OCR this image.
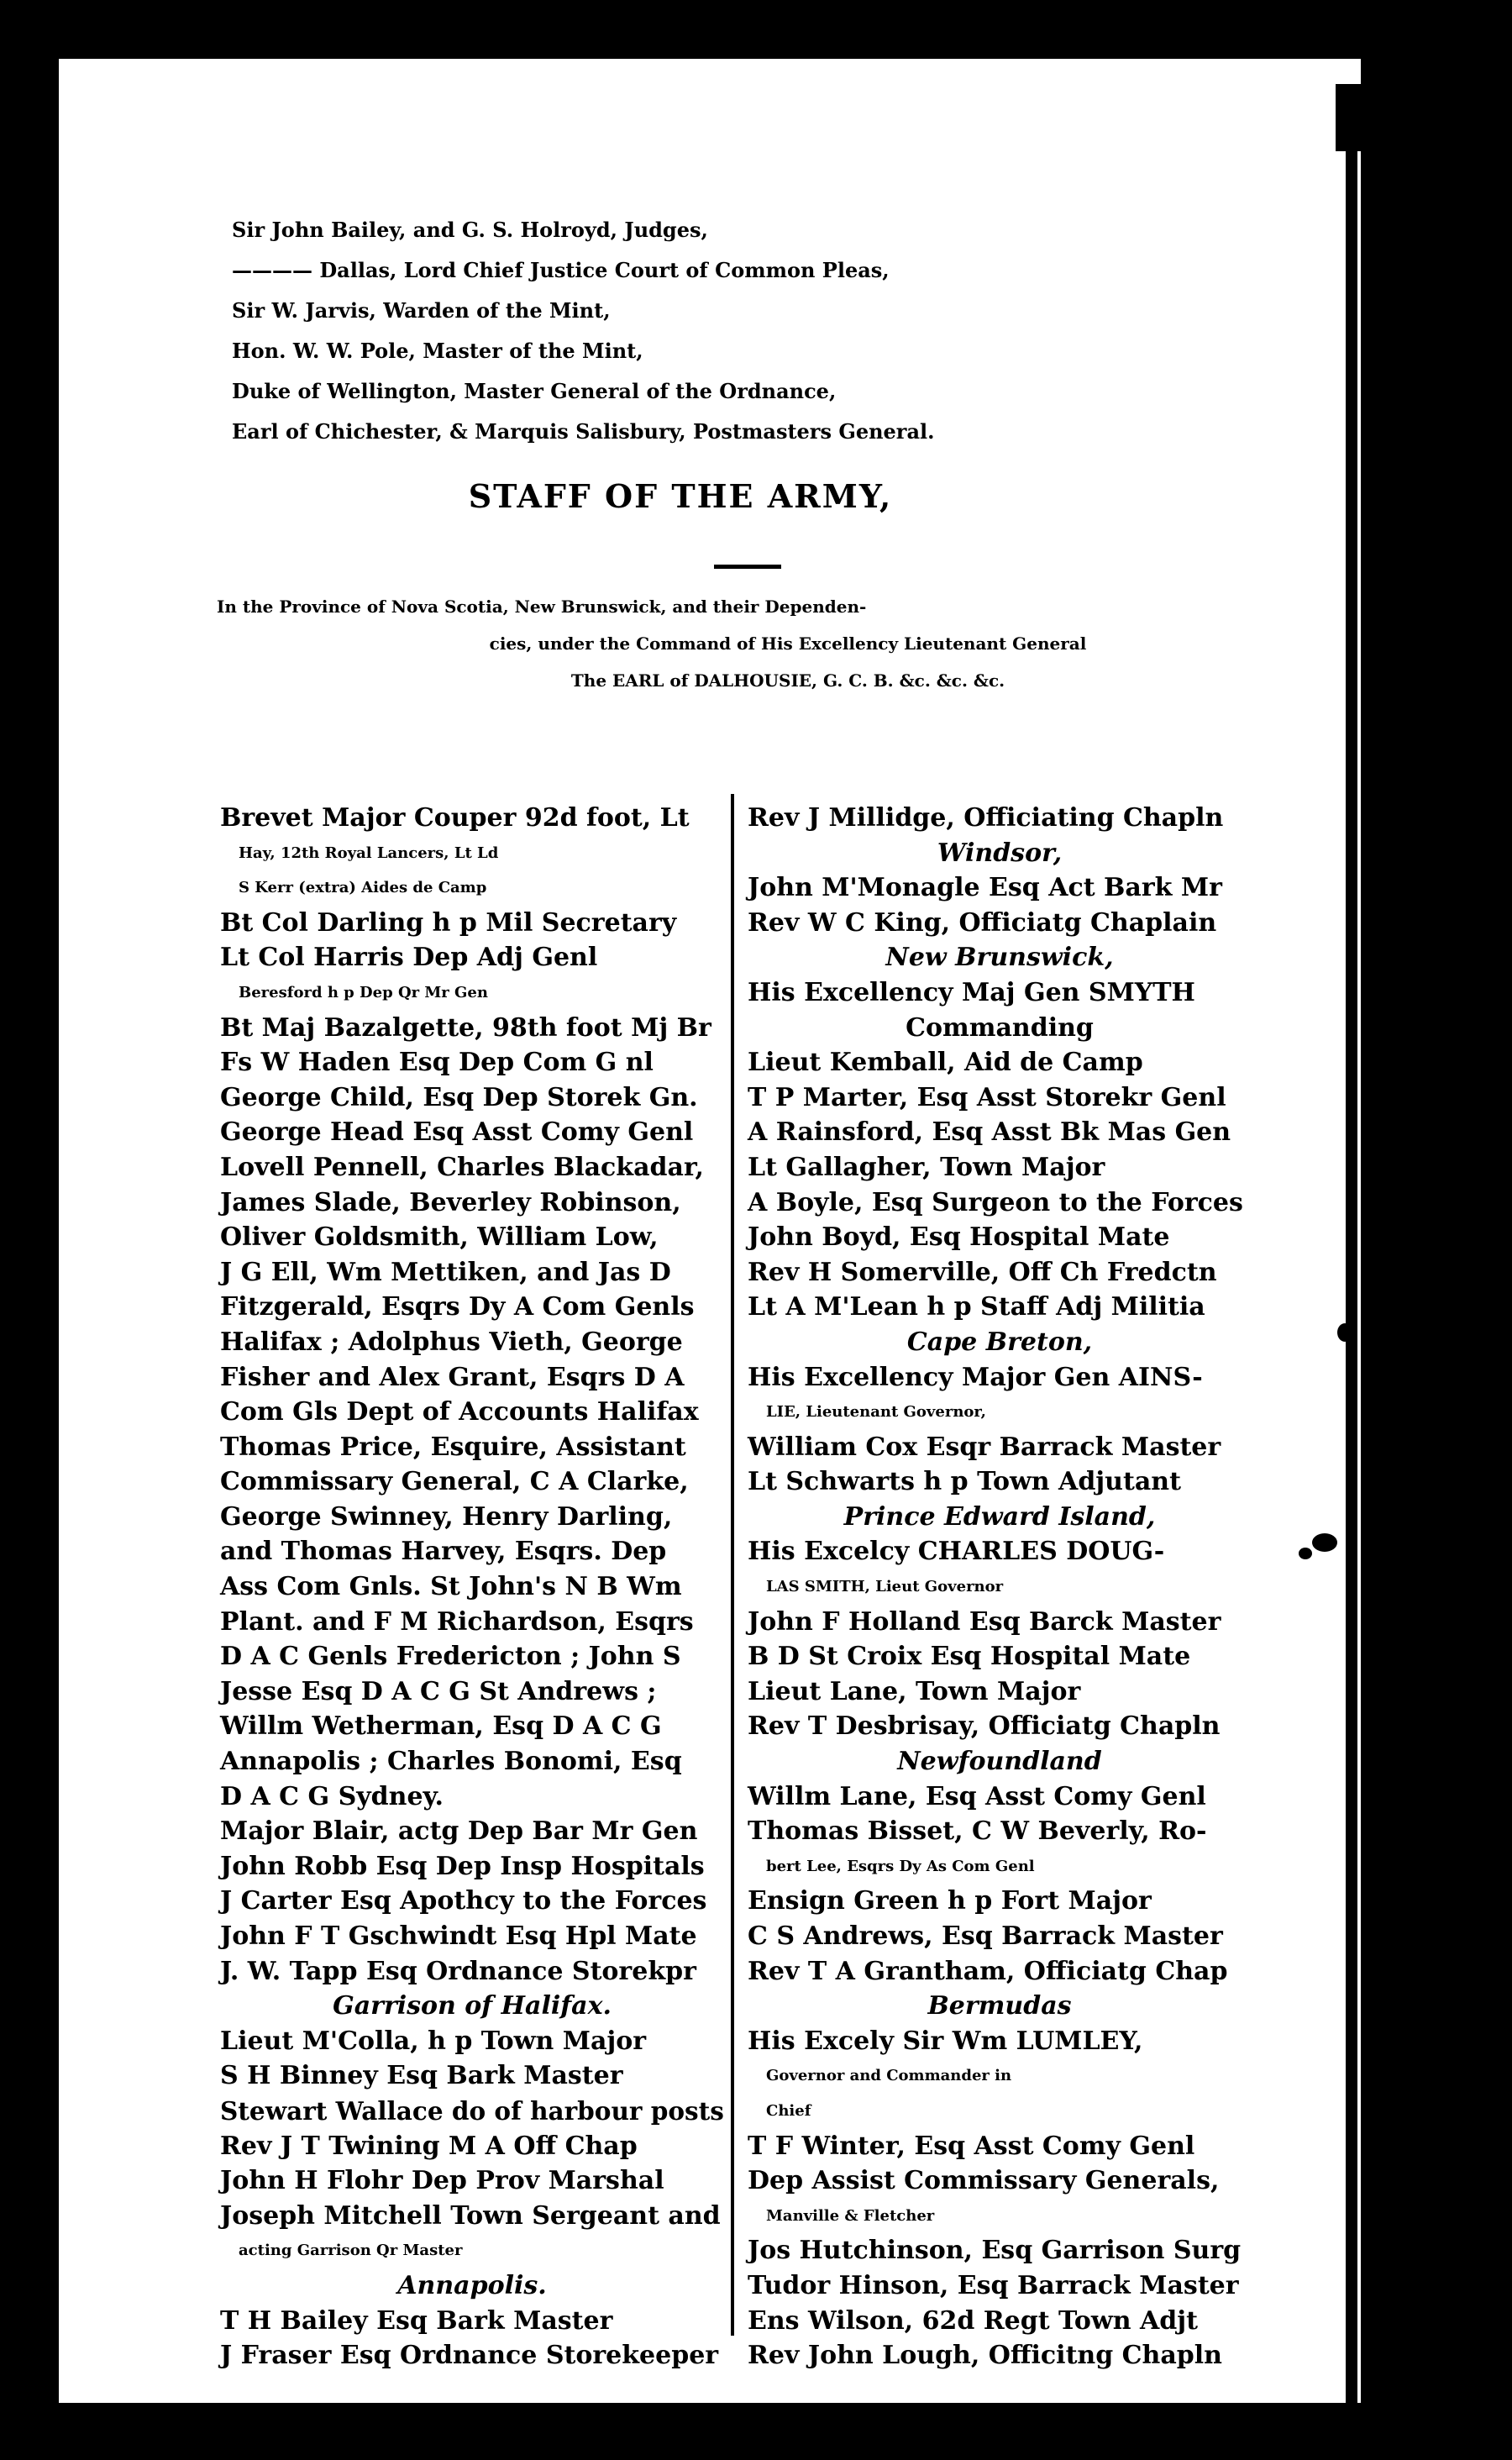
Sir John Bailey, and G. S. Holroyd, Judges,
———— Dallas, Lord Chief Justice Court of Common Pleas,
Sir W. Jarvis, Warden of the Mint,
Hon. W. W. Pole, Master of the Mint,
Duke of Wellington, Master General of the Ordnance,
Earl of Chichester, & Marquis Salisbury, Postmasters General.
STAFF OF THE ARMY,
In the Province of Nova Scotia, New Brunswick, and their Dependen-
cies, under the Command of His Excellency Lieutenant General
The EARL of DALHOUSIE, G. C. B. &c. &c. &c.
Brevet Major Couper 92d foot, Lt
Hay, 12th Royal Lancers, Lt Ld
S Kerr (extra) Aides de Camp
Bt Col Darling h p Mil Secretary
Lt Col Harris Dep Adj Genl
Beresford h p Dep Qr Mr Gen
Bt Maj Bazalgette, 98th foot Mj Br
Fs W Haden Esq Dep Com G nl
George Child, Esq Dep Storek Gn.
George Head Esq Asst Comy Genl
Lovell Pennell, Charles Blackadar,
James Slade, Beverley Robinson,
Oliver Goldsmith, William Low,
J G Ell, Wm Mettiken, and Jas D
Fitzgerald, Esqrs Dy A Com Genls
Halifax ; Adolphus Vieth, George
Fisher and Alex Grant, Esqrs D A
Com Gls Dept of Accounts Halifax
Thomas Price, Esquire, Assistant
Commissary General, C A Clarke,
George Swinney, Henry Darling,
and Thomas Harvey, Esqrs. Dep
Ass Com Gnls. St John's N B Wm
Plant. and F M Richardson, Esqrs
D A C Genls Fredericton ; John S
Jesse Esq D A C G St Andrews ;
Willm Wetherman, Esq D A C G
Annapolis ; Charles Bonomi, Esq
D A C G Sydney.
Major Blair, actg Dep Bar Mr Gen
John Robb Esq Dep Insp Hospitals
J Carter Esq Apothcy to the Forces
John F T Gschwindt Esq Hpl Mate
J. W. Tapp Esq Ordnance Storekpr
Garrison of Halifax.
Lieut M'Colla, h p Town Major
S H Binney Esq Bark Master
Stewart Wallace do of harbour posts
Rev J T Twining M A Off Chap
John H Flohr Dep Prov Marshal
Joseph Mitchell Town Sergeant and
acting Garrison Qr Master
Annapolis.
T H Bailey Esq Bark Master
J Fraser Esq Ordnance Storekeeper
Rev J Millidge, Officiating Chapln
Windsor,
John M'Monagle Esq Act Bark Mr
Rev W C King, Officiatg Chaplain
New Brunswick,
His Excellency Maj Gen SMYTH
Commanding
Lieut Kemball, Aid de Camp
T P Marter, Esq Asst Storekr Genl
A Rainsford, Esq Asst Bk Mas Gen
Lt Gallagher, Town Major
A Boyle, Esq Surgeon to the Forces
John Boyd, Esq Hospital Mate
Rev H Somerville, Off Ch Fredctn
Lt A M'Lean h p Staff Adj Militia
Cape Breton,
His Excellency Major Gen AINS-
LIE, Lieutenant Governor,
William Cox Esqr Barrack Master
Lt Schwarts h p Town Adjutant
Prince Edward Island,
His Excelcy CHARLES DOUG-
LAS SMITH, Lieut Governor
John F Holland Esq Barck Master
B D St Croix Esq Hospital Mate
Lieut Lane, Town Major
Rev T Desbrisay, Officiatg Chapln
Newfoundland
Willm Lane, Esq Asst Comy Genl
Thomas Bisset, C W Beverly, Ro-
bert Lee, Esqrs Dy As Com Genl
Ensign Green h p Fort Major
C S Andrews, Esq Barrack Master
Rev T A Grantham, Officiatg Chap
Bermudas
His Excely Sir Wm LUMLEY,
Governor and Commander in
Chief
T F Winter, Esq Asst Comy Genl
Dep Assist Commissary Generals,
Manville & Fletcher
Jos Hutchinson, Esq Garrison Surg
Tudor Hinson, Esq Barrack Master
Ens Wilson, 62d Regt Town Adjt
Rev John Lough, Officitng Chapln
